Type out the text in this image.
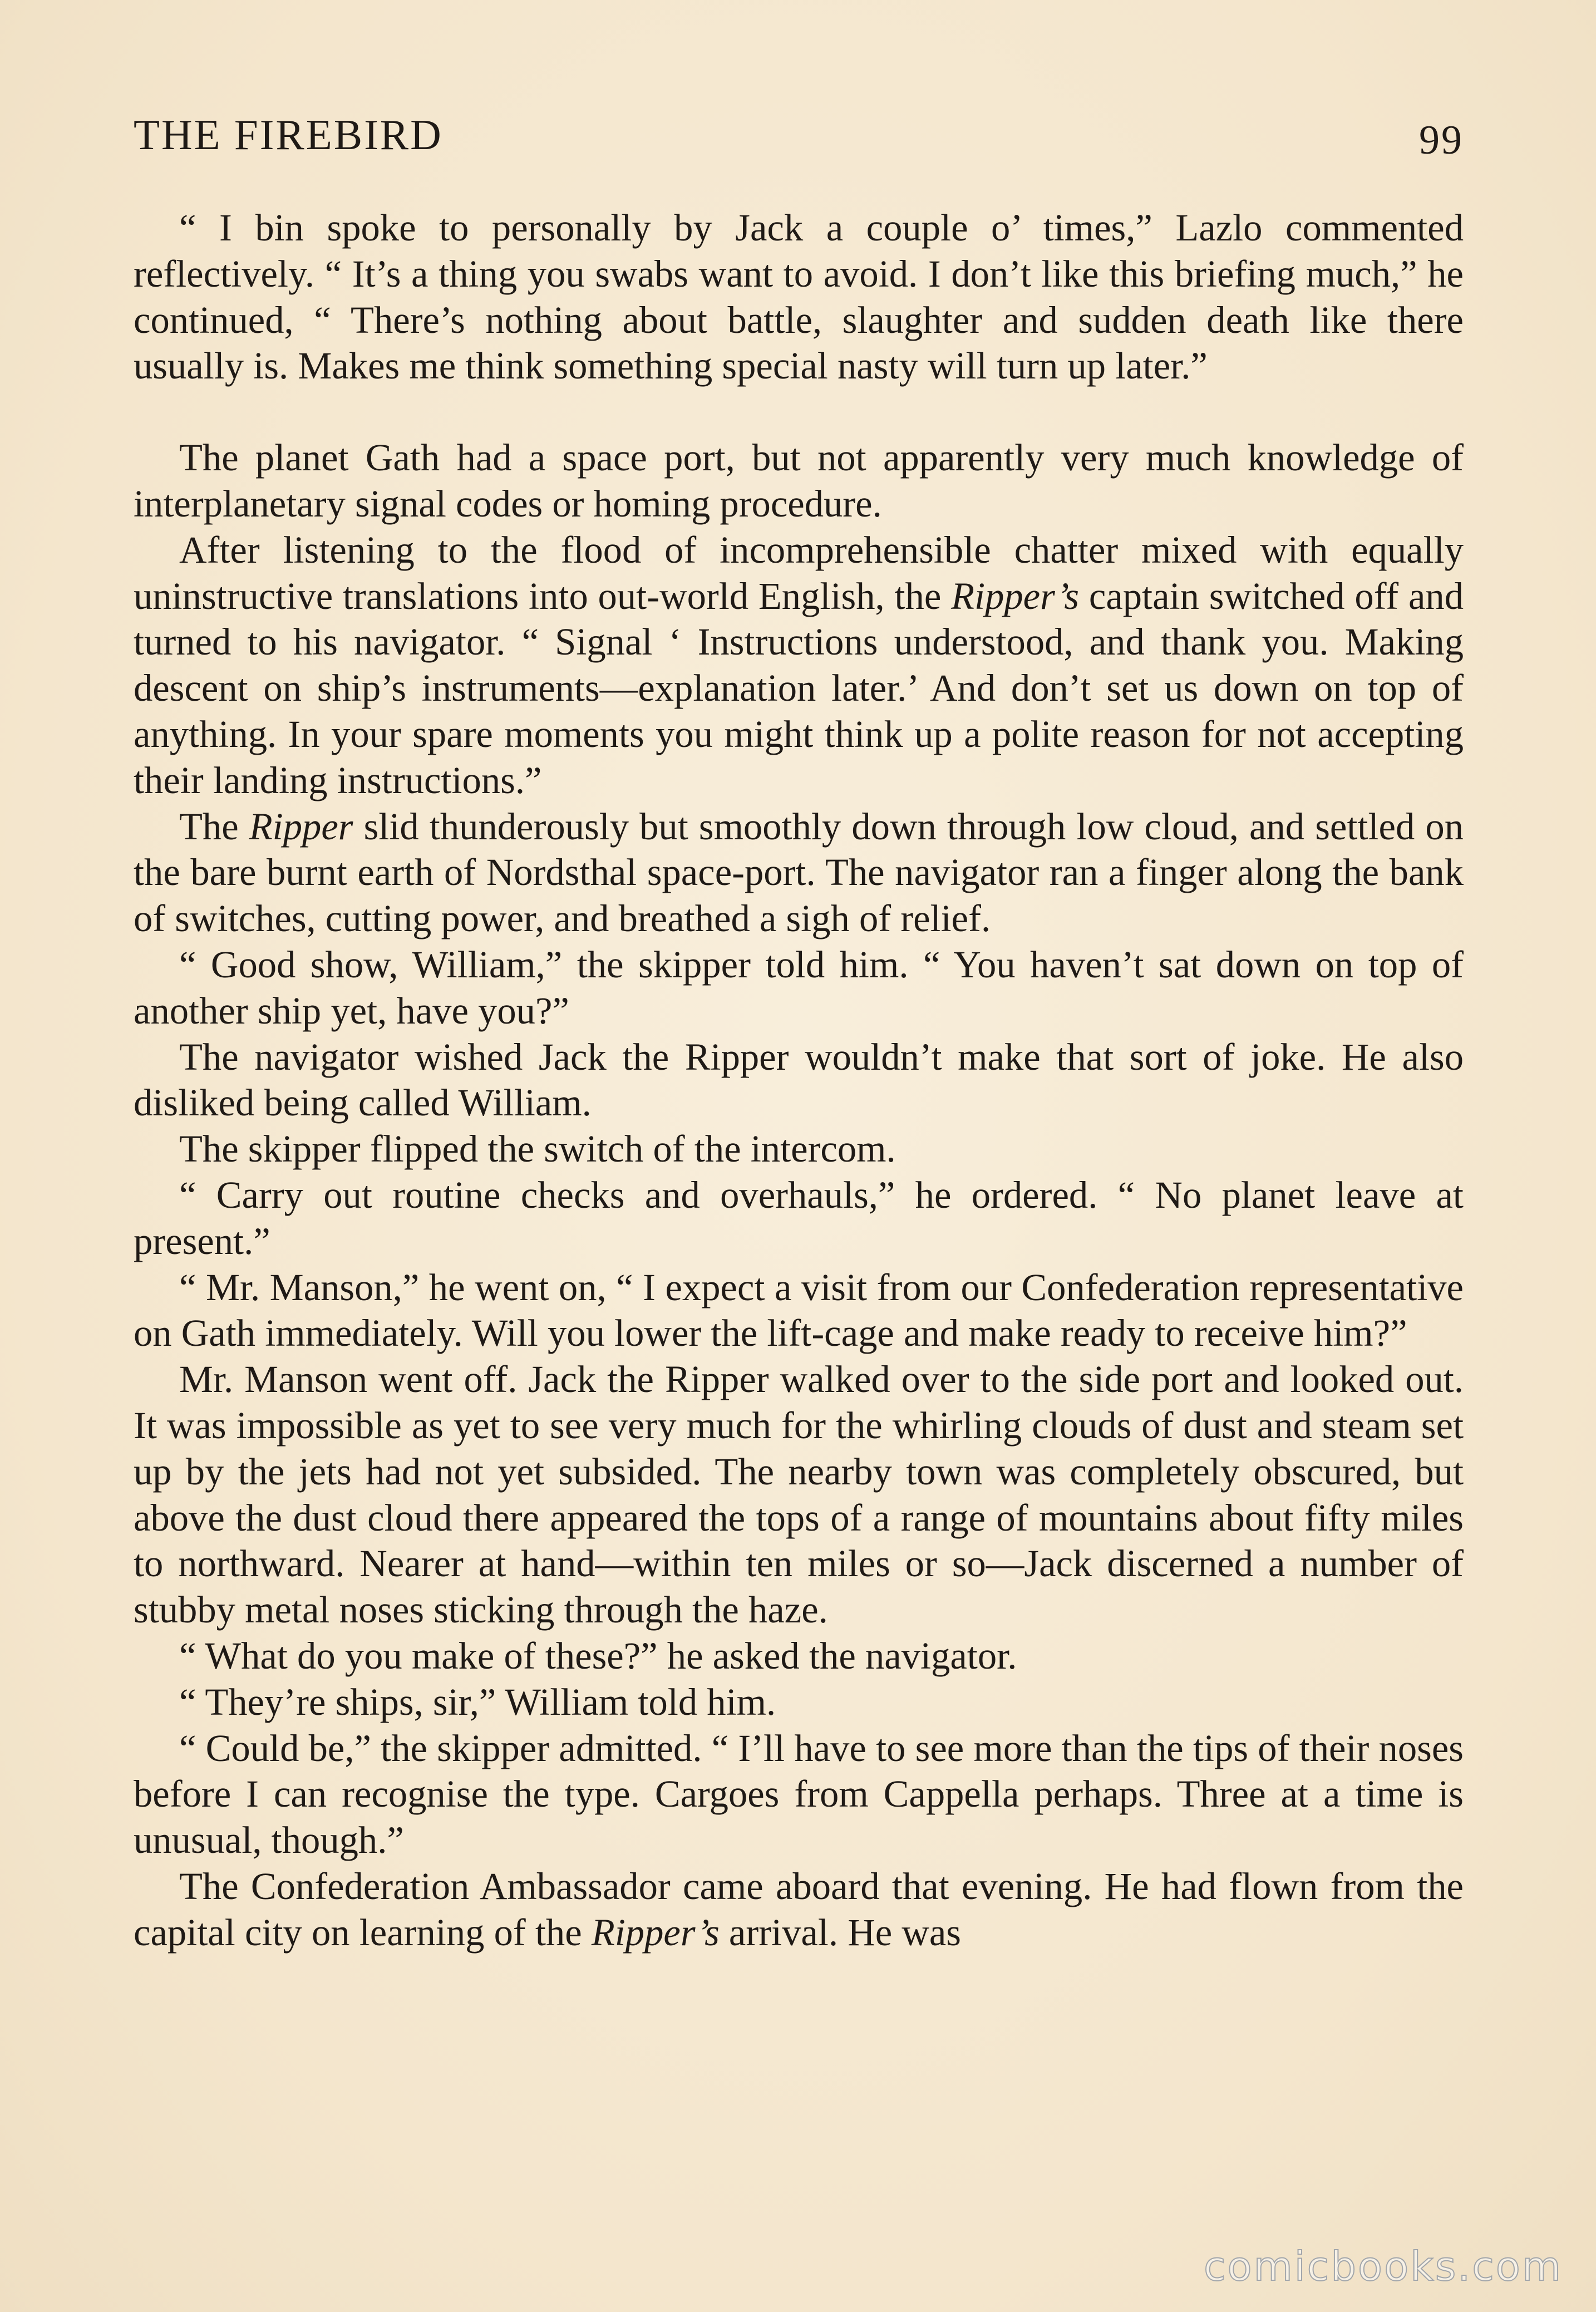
THE FIREBIRD	99

“ I bin spoke to personally by Jack a couple o’ times,” Lazlo commented reflectively. “ It’s a thing you swabs want to avoid. I don’t like this briefing much,” he continued, “ There’s nothing about battle, slaughter and sudden death like there usually is. Makes me think something special nasty will turn up later.”

The planet Gath had a space port, but not apparently very much knowledge of interplanetary signal codes or homing procedure.

After listening to the flood of incomprehensible chatter mixed with equally uninstructive translations into out-world English, the Ripper’s captain switched off and turned to his navigator. “ Signal ‘ Instructions understood, and thank you. Making descent on ship’s instruments—explanation later.’ And don’t set us down on top of anything. In your spare moments you might think up a polite reason for not accepting their landing instructions.”

The Ripper slid thunderously but smoothly down through low cloud, and settled on the bare burnt earth of Nordsthal space-port. The navigator ran a finger along the bank of switches, cutting power, and breathed a sigh of relief.

“ Good show, William,” the skipper told him. “ You haven’t sat down on top of another ship yet, have you?”

The navigator wished Jack the Ripper wouldn’t make that sort of joke. He also disliked being called William.

The skipper flipped the switch of the intercom.

“ Carry out routine checks and overhauls,” he ordered. “ No planet leave at present.”

“ Mr. Manson,” he went on, “ I expect a visit from our Confederation representative on Gath immediately. Will you lower the lift-cage and make ready to receive him?”

Mr. Manson went off. Jack the Ripper walked over to the side port and looked out. It was impossible as yet to see very much for the whirling clouds of dust and steam set up by the jets had not yet subsided. The nearby town was completely obscured, but above the dust cloud there appeared the tops of a range of mountains about fifty miles to northward. Nearer at hand—within ten miles or so—Jack discerned a number of stubby metal noses sticking through the haze.

“ What do you make of these?” he asked the navigator.

“ They’re ships, sir,” William told him.

“ Could be,” the skipper admitted. “ I’ll have to see more than the tips of their noses before I can recognise the type. Cargoes from Cappella perhaps. Three at a time is unusual, though.”

The Confederation Ambassador came aboard that evening. He had flown from the capital city on learning of the Ripper’s arrival. He was

comicbooks.com
